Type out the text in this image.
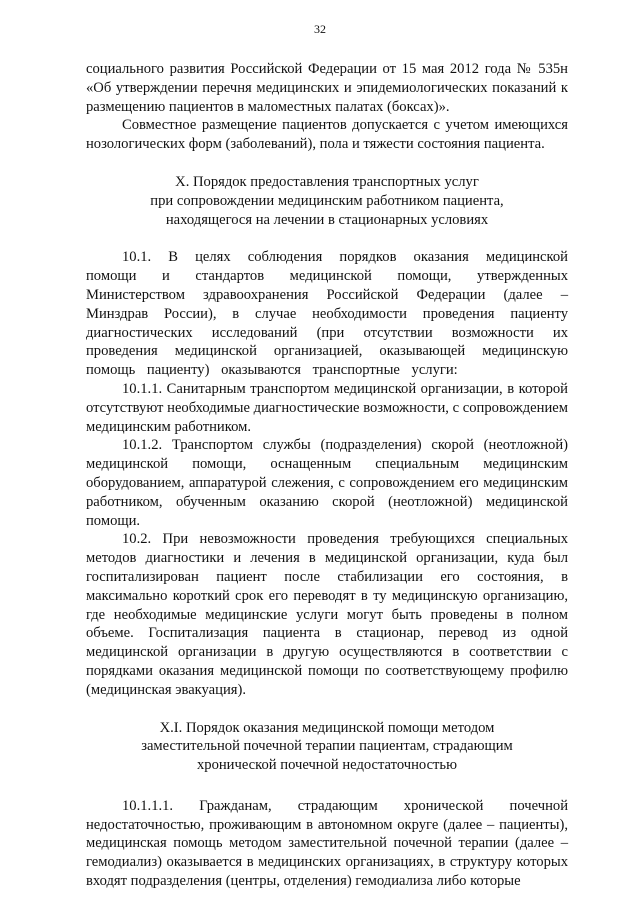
32

социального развития Российской Федерации от 15 мая 2012 года № 535н «Об утверждении перечня медицинских и эпидемиологических показаний к размещению пациентов в маломестных палатах (боксах)».

Совместное размещение пациентов допускается с учетом имеющихся нозологических форм (заболеваний), пола и тяжести состояния пациента.

X. Порядок предоставления транспортных услуг
при сопровождении медицинским работником пациента,
находящегося на лечении в стационарных условиях

10.1. В целях соблюдения порядков оказания медицинской помощи и стандартов медицинской помощи, утвержденных Министерством здравоохранения Российской Федерации (далее – Минздрав России), в случае необходимости проведения пациенту диагностических исследований (при отсутствии возможности их проведения медицинской организацией, оказывающей медицинскую помощь пациенту) оказываются транспортные услуги:

10.1.1. Санитарным транспортом медицинской организации, в которой отсутствуют необходимые диагностические возможности, с сопровождением медицинским работником.

10.1.2. Транспортом службы (подразделения) скорой (неотложной) медицинской помощи, оснащенным специальным медицинским оборудованием, аппаратурой слежения, с сопровождением его медицинским работником, обученным оказанию скорой (неотложной) медицинской помощи.

10.2. При невозможности проведения требующихся специальных методов диагностики и лечения в медицинской организации, куда был госпитализирован пациент после стабилизации его состояния, в максимально короткий срок его переводят в ту медицинскую организацию, где необходимые медицинские услуги могут быть проведены в полном объеме. Госпитализация пациента в стационар, перевод из одной медицинской организации в другую осуществляются в соответствии с порядками оказания медицинской помощи по соответствующему профилю (медицинская эвакуация).

X.I. Порядок оказания медицинской помощи методом
заместительной почечной терапии пациентам, страдающим
хронической почечной недостаточностью

10.1.1.1. Гражданам, страдающим хронической почечной недостаточностью, проживающим в автономном округе (далее – пациенты), медицинская помощь методом заместительной почечной терапии (далее – гемодиализ) оказывается в медицинских организациях, в структуру которых входят подразделения (центры, отделения) гемодиализа либо которые
